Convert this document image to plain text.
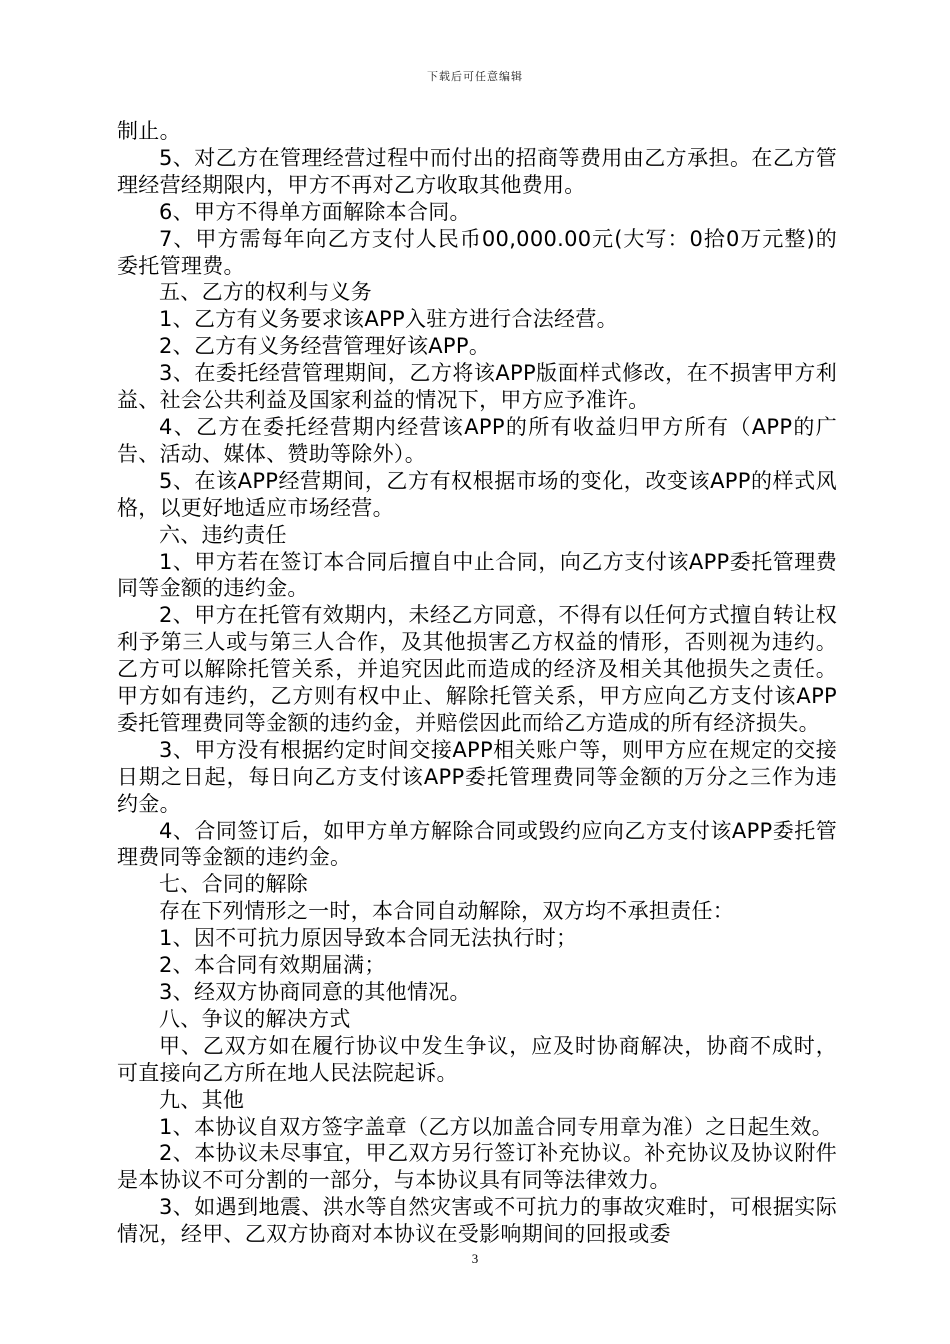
下载后可任意编辑

制止。

5、对乙方在管理经营过程中而付出的招商等费用由乙方承担。在乙方管理经营经期限内，甲方不再对乙方收取其他费用。

6、甲方不得单方面解除本合同。

7、甲方需每年向乙方支付人民币00,000.00元(大写：0拾0万元整)的委托管理费。

五、乙方的权利与义务

1、乙方有义务要求该APP入驻方进行合法经营。

2、乙方有义务经营管理好该APP。

3、在委托经营管理期间，乙方将该APP版面样式修改，在不损害甲方利益、社会公共利益及国家利益的情况下，甲方应予准许。

4、乙方在委托经营期内经营该APP的所有收益归甲方所有（APP的广告、活动、媒体、赞助等除外）。

5、在该APP经营期间，乙方有权根据市场的变化，改变该APP的样式风格，以更好地适应市场经营。

六、违约责任

1、甲方若在签订本合同后擅自中止合同，向乙方支付该APP委托管理费同等金额的违约金。

2、甲方在托管有效期内，未经乙方同意，不得有以任何方式擅自转让权利予第三人或与第三人合作，及其他损害乙方权益的情形，否则视为违约。乙方可以解除托管关系，并追究因此而造成的经济及相关其他损失之责任。甲方如有违约，乙方则有权中止、解除托管关系，甲方应向乙方支付该APP委托管理费同等金额的违约金，并赔偿因此而给乙方造成的所有经济损失。

3、甲方没有根据约定时间交接APP相关账户等，则甲方应在规定的交接日期之日起，每日向乙方支付该APP委托管理费同等金额的万分之三作为违约金。

4、合同签订后，如甲方单方解除合同或毁约应向乙方支付该APP委托管理费同等金额的违约金。

七、合同的解除

存在下列情形之一时，本合同自动解除，双方均不承担责任：

1、因不可抗力原因导致本合同无法执行时；

2、本合同有效期届满；

3、经双方协商同意的其他情况。

八、争议的解决方式

甲、乙双方如在履行协议中发生争议，应及时协商解决，协商不成时，可直接向乙方所在地人民法院起诉。

九、其他

1、本协议自双方签字盖章（乙方以加盖合同专用章为准）之日起生效。

2、本协议未尽事宜，甲乙双方另行签订补充协议。补充协议及协议附件是本协议不可分割的一部分，与本协议具有同等法律效力。

3、如遇到地震、洪水等自然灾害或不可抗力的事故灾难时，可根据实际情况，经甲、乙双方协商对本协议在受影响期间的回报或委

3
